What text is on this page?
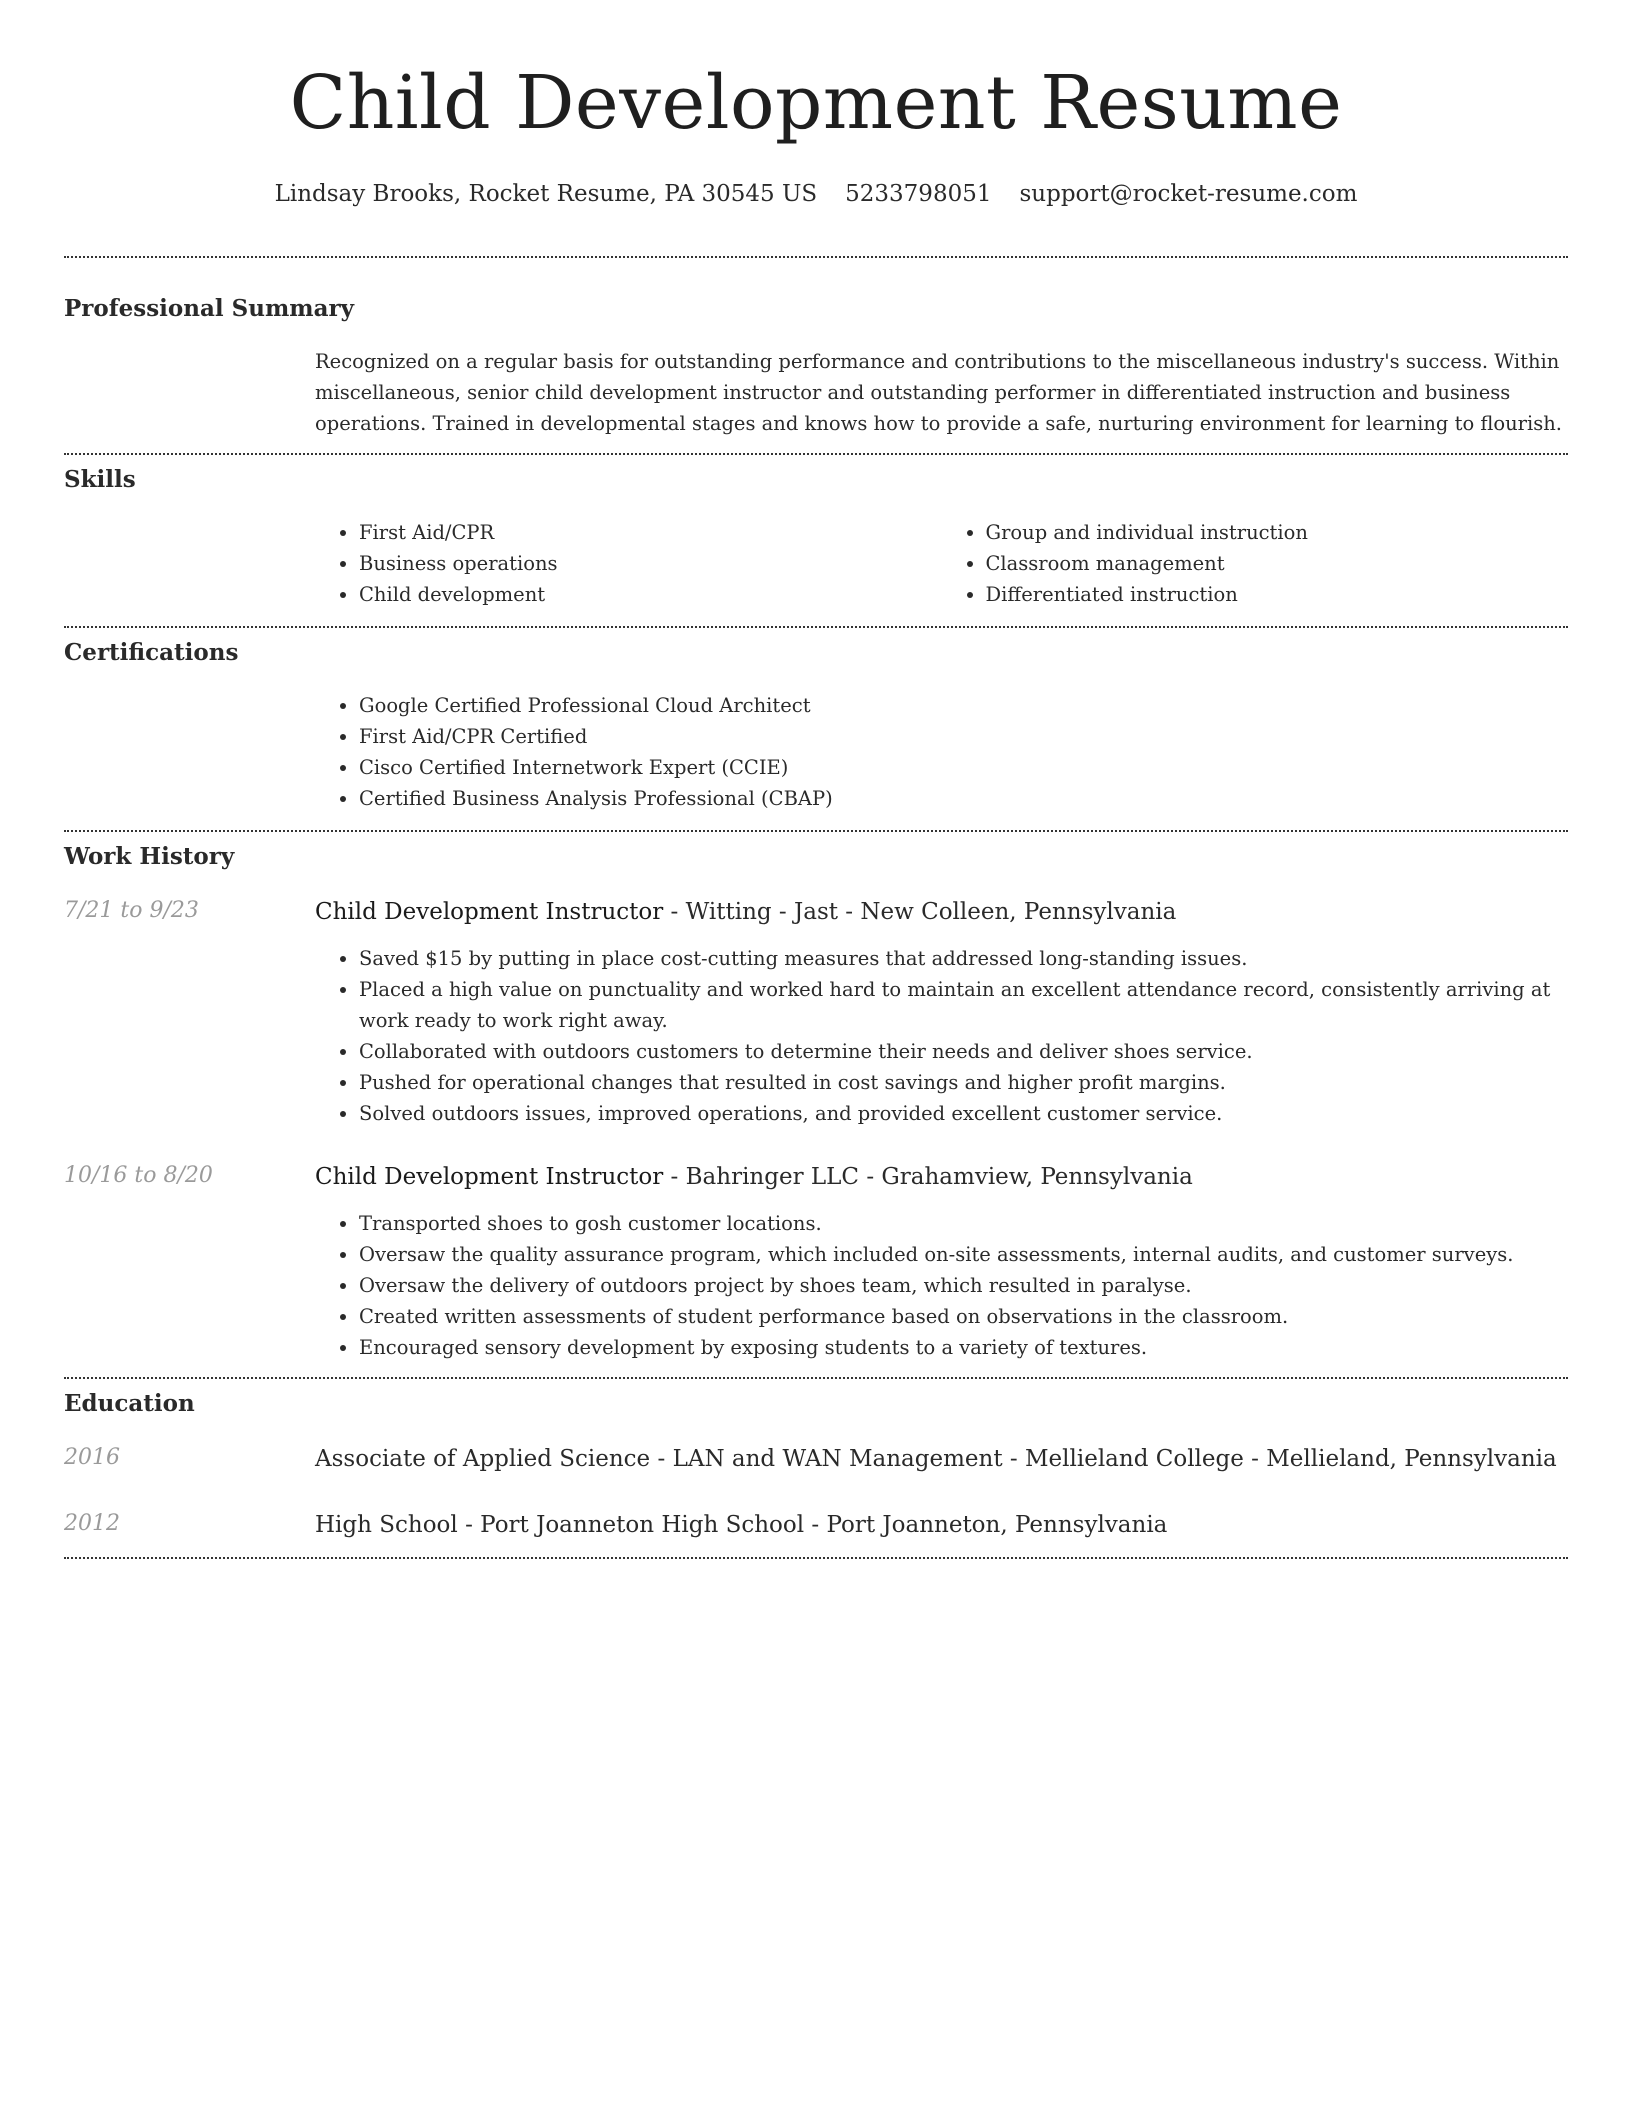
Child Development Resume
Lindsay Brooks, Rocket Resume, PA 30545 US 5233798051 support@rocket-resume.com
Professional Summary

Recognized on a regular basis for outstanding performance and contributions to the miscellaneous industry's success. Within miscellaneous, senior child development instructor and outstanding performer in differentiated instruction and business operations. Trained in developmental stages and knows how to provide a safe, nurturing environment for learning to flourish.

Skills
• First Aid/CPR
• Business operations
• Child development
• Group and individual instruction
• Classroom management
• Differentiated instruction
Certifications
• Google Certified Professional Cloud Architect
• First Aid/CPR Certified
• Cisco Certified Internetwork Expert (CCIE)
• Certified Business Analysis Professional (CBAP)
Work History
7/21 to 9/23	Child Development Instructor - Witting - Jast - New Colleen, Pennsylvania
• Saved $15 by putting in place cost-cutting measures that addressed long-standing issues.
• Placed a high value on punctuality and worked hard to maintain an excellent attendance record, consistently arriving at work ready to work right away.
• Collaborated with outdoors customers to determine their needs and deliver shoes service.
• Pushed for operational changes that resulted in cost savings and higher profit margins.
• Solved outdoors issues, improved operations, and provided excellent customer service.
10/16 to 8/20	Child Development Instructor - Bahringer LLC - Grahamview, Pennsylvania
• Transported shoes to gosh customer locations.
• Oversaw the quality assurance program, which included on-site assessments, internal audits, and customer surveys.
• Oversaw the delivery of outdoors project by shoes team, which resulted in paralyse.
• Created written assessments of student performance based on observations in the classroom.
• Encouraged sensory development by exposing students to a variety of textures.
Education
2016	Associate of Applied Science - LAN and WAN Management - Mellieland College - Mellieland, Pennsylvania
2012	High School - Port Joanneton High School - Port Joanneton, Pennsylvania
